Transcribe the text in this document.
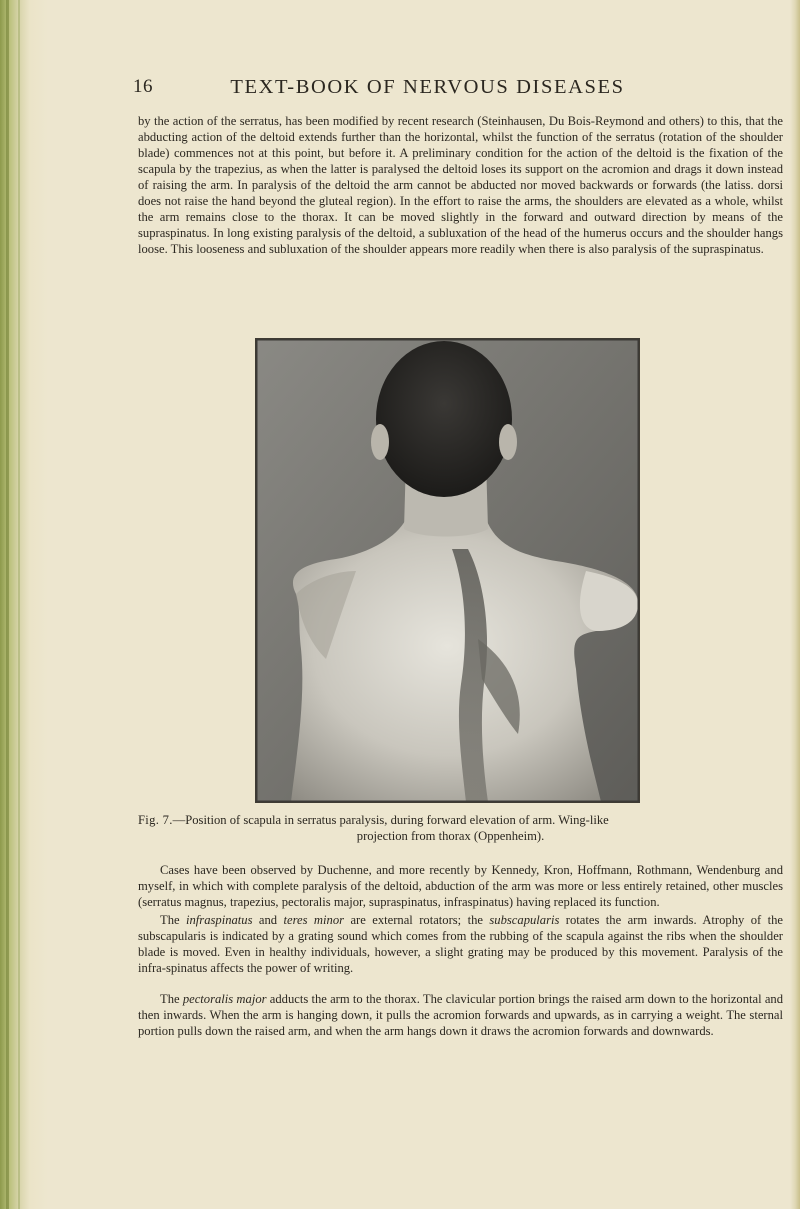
16	TEXT-BOOK OF NERVOUS DISEASES

by the action of the serratus, has been modified by recent research (Steinhausen, Du Bois-Reymond and others) to this, that the abducting action of the deltoid extends further than the horizontal, whilst the function of the serratus (rotation of the shoulder blade) commences not at this point, but before it. A preliminary condition for the action of the deltoid is the fixation of the scapula by the trapezius, as when the latter is paralysed the deltoid loses its support on the acromion and drags it down instead of raising the arm. In paralysis of the deltoid the arm cannot be abducted nor moved backwards or forwards (the latiss. dorsi does not raise the hand beyond the gluteal region). In the effort to raise the arms, the shoulders are elevated as a whole, whilst the arm remains close to the thorax. It can be moved slightly in the forward and outward direction by means of the supraspinatus. In long existing paralysis of the deltoid, a subluxation of the head of the humerus occurs and the shoulder hangs loose. This looseness and subluxation of the shoulder appears more readily when there is also paralysis of the supraspinatus.

Fig. 7.—Position of scapula in serratus paralysis, during forward elevation of arm. Wing-like
projection from thorax (Oppenheim).

Cases have been observed by Duchenne, and more recently by Kennedy, Kron, Hoffmann, Rothmann, Wendenburg and myself, in which with complete paralysis of the deltoid, abduction of the arm was more or less entirely retained, other muscles (serratus magnus, trapezius, pectoralis major, supraspinatus, infraspinatus) having replaced its function.

The infraspinatus and teres minor are external rotators; the subscapularis rotates the arm inwards. Atrophy of the subscapularis is indicated by a grating sound which comes from the rubbing of the scapula against the ribs when the shoulder blade is moved. Even in healthy individuals, however, a slight grating may be produced by this movement. Paralysis of the infra-spinatus affects the power of writing.

The pectoralis major adducts the arm to the thorax. The clavicular portion brings the raised arm down to the horizontal and then inwards. When the arm is hanging down, it pulls the acromion forwards and upwards, as in carrying a weight. The sternal portion pulls down the raised arm, and when the arm hangs down it draws the acromion forwards and downwards.
